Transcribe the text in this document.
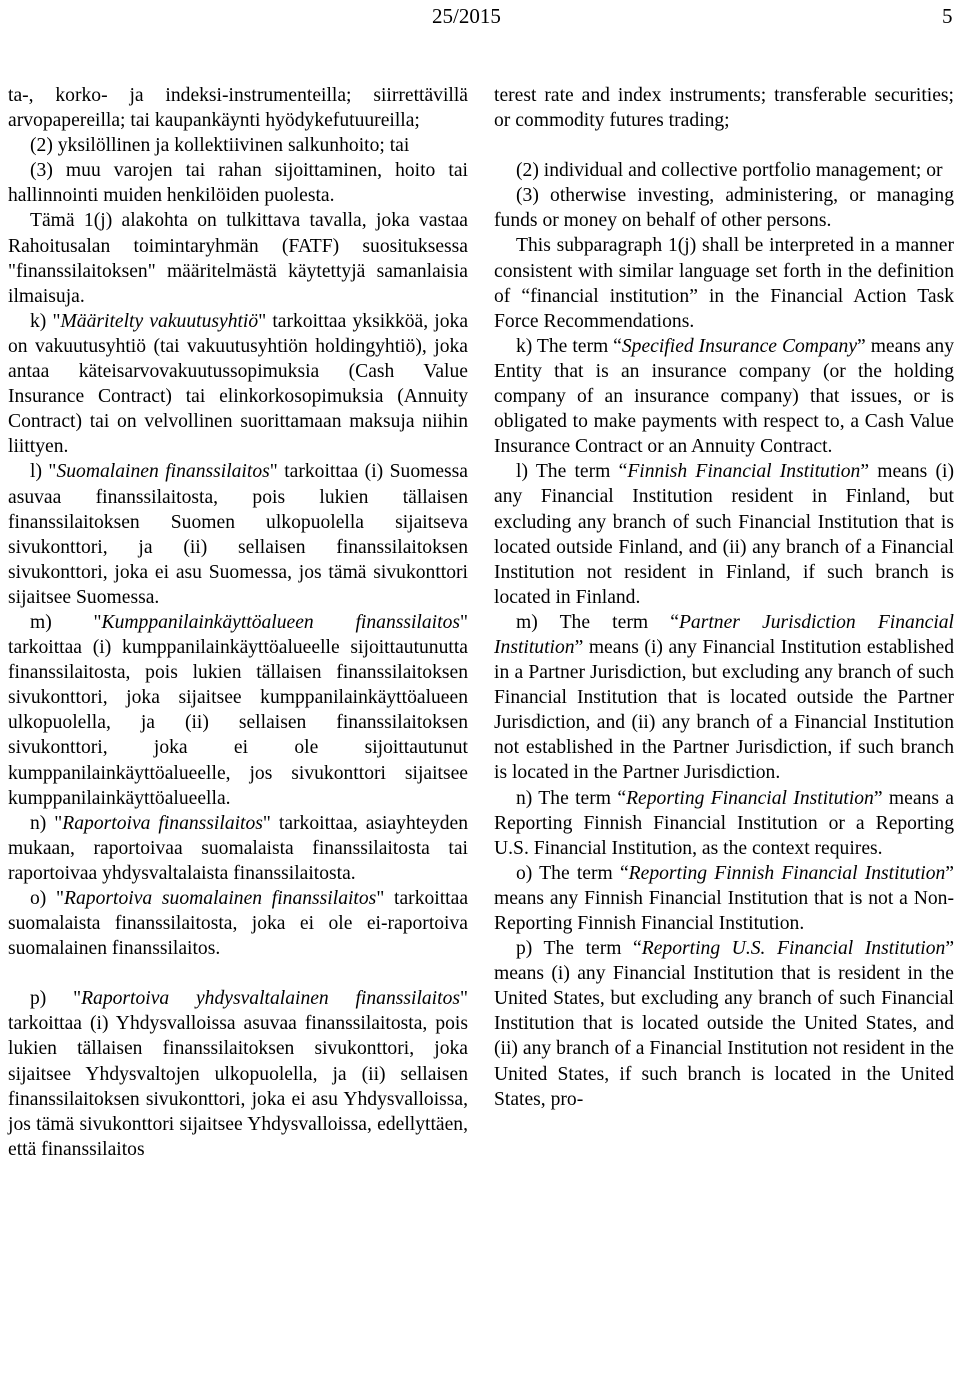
25/2015	5

ta-, korko- ja indeksi-instrumenteilla; siirrettävillä arvopapereilla; tai kaupankäynti hyödykefutuureilla;

(2) yksilöllinen ja kollektiivinen salkunhoito; tai

(3) muu varojen tai rahan sijoittaminen, hoito tai hallinnointi muiden henkilöiden puolesta.

Tämä 1(j) alakohta on tulkittava tavalla, joka vastaa Rahoitusalan toimintaryhmän (FATF) suosituksessa "finanssilaitoksen" määritelmästä käytettyjä samanlaisia ilmaisuja.

k) "Määritelty vakuutusyhtiö" tarkoittaa yksikköä, joka on vakuutusyhtiö (tai vakuutusyhtiön holdingyhtiö), joka antaa käteisarvovakuutussopimuksia (Cash Value Insurance Contract) tai elinkorkosopimuksia (Annuity Contract) tai on velvollinen suorittamaan maksuja niihin liittyen.

l) "Suomalainen finanssilaitos" tarkoittaa (i) Suomessa asuvaa finanssilaitosta, pois lukien tällaisen finanssilaitoksen Suomen ulkopuolella sijaitseva sivukonttori, ja (ii) sellaisen finanssilaitoksen sivukonttori, joka ei asu Suomessa, jos tämä sivukonttori sijaitsee Suomessa.

m) "Kumppanilainkäyttöalueen finanssilaitos" tarkoittaa (i) kumppanilainkäyttöalueelle sijoittautunutta finanssilaitosta, pois lukien tällaisen finanssilaitoksen sivukonttori, joka sijaitsee kumppanilainkäyttöalueen ulkopuolella, ja (ii) sellaisen finanssilaitoksen sivukonttori, joka ei ole sijoittautunut kumppanilainkäyttöalueelle, jos sivukonttori sijaitsee kumppanilainkäyttöalueella.

n) "Raportoiva finanssilaitos" tarkoittaa, asiayhteyden mukaan, raportoivaa suomalaista finanssilaitosta tai raportoivaa yhdysvaltalaista finanssilaitosta.

o) "Raportoiva suomalainen finanssilaitos" tarkoittaa suomalaista finanssilaitosta, joka ei ole ei-raportoiva suomalainen finanssilaitos.

p) "Raportoiva yhdysvaltalainen finanssilaitos" tarkoittaa (i) Yhdysvalloissa asuvaa finanssilaitosta, pois lukien tällaisen finanssilaitoksen sivukonttori, joka sijaitsee Yhdysvaltojen ulkopuolella, ja (ii) sellaisen finanssilaitoksen sivukonttori, joka ei asu Yhdysvalloissa, jos tämä sivukonttori sijaitsee Yhdysvalloissa, edellyttäen, että finanssilaitos

terest rate and index instruments; transferable securities; or commodity futures trading;

(2) individual and collective portfolio management; or

(3) otherwise investing, administering, or managing funds or money on behalf of other persons.

This subparagraph 1(j) shall be interpreted in a manner consistent with similar language set forth in the definition of “financial institution” in the Financial Action Task Force Recommendations.

k) The term “Specified Insurance Company” means any Entity that is an insurance company (or the holding company of an insurance company) that issues, or is obligated to make payments with respect to, a Cash Value Insurance Contract or an Annuity Contract.

l) The term “Finnish Financial Institution” means (i) any Financial Institution resident in Finland, but excluding any branch of such Financial Institution that is located outside Finland, and (ii) any branch of a Financial Institution not resident in Finland, if such branch is located in Finland.

m) The term “Partner Jurisdiction Financial Institution” means (i) any Financial Institution established in a Partner Jurisdiction, but excluding any branch of such Financial Institution that is located outside the Partner Jurisdiction, and (ii) any branch of a Financial Institution not established in the Partner Jurisdiction, if such branch is located in the Partner Jurisdiction.

n) The term “Reporting Financial Institution” means a Reporting Finnish Financial Institution or a Reporting U.S. Financial Institution, as the context requires.

o) The term “Reporting Finnish Financial Institution” means any Finnish Financial Institution that is not a Non-Reporting Finnish Financial Institution.

p) The term “Reporting U.S. Financial Institution” means (i) any Financial Institution that is resident in the United States, but excluding any branch of such Financial Institution that is located outside the United States, and (ii) any branch of a Financial Institution not resident in the United States, if such branch is located in the United States, pro-
